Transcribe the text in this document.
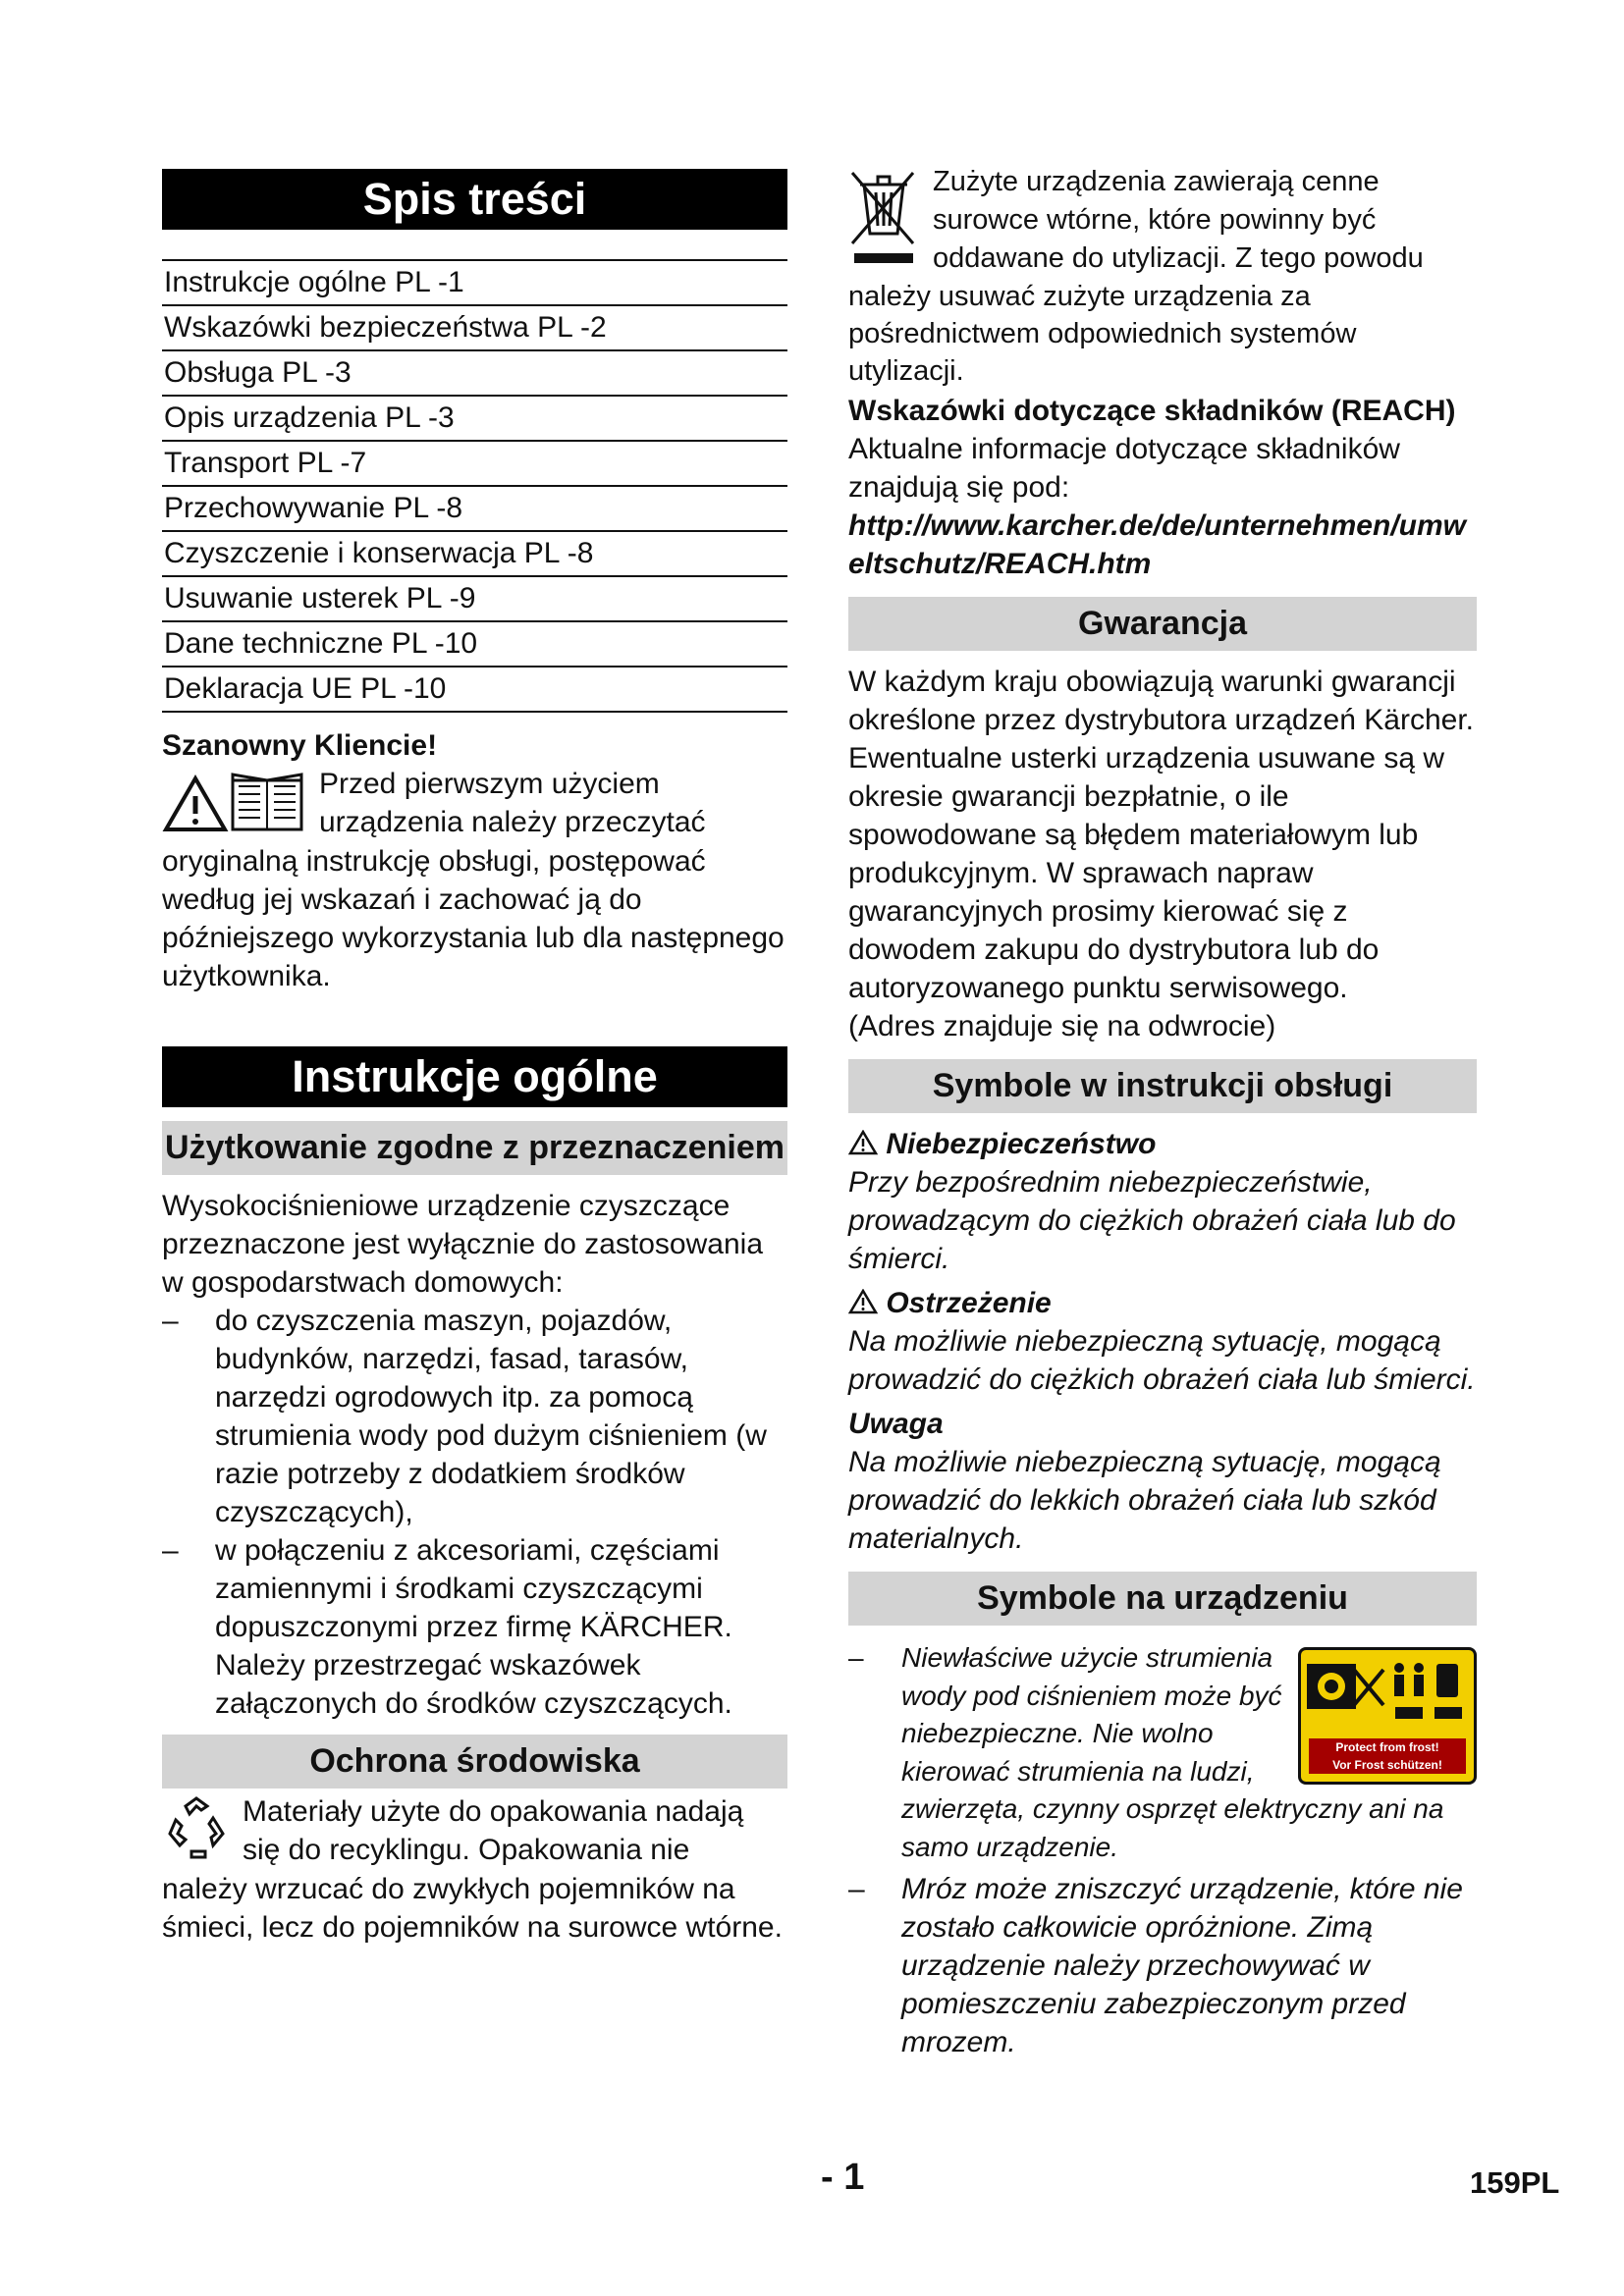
Spis treści
Instrukcje ogólne PL -1
Wskazówki bezpieczeństwa PL -2
Obsługa PL -3
Opis urządzenia PL -3
Transport PL -7
Przechowywanie PL -8
Czyszczenie i konserwacja PL -8
Usuwanie usterek PL -9
Dane techniczne PL -10
Deklaracja UE PL -10

Szanowny Kliencie!

Przed pierwszym użyciem

urządzenia należy przeczytać

oryginalną instrukcję obsługi, postępować według jej wskazań i zachować ją do późniejszego wykorzystania lub dla następnego użytkownika.

Instrukcje ogólne
Użytkowanie zgodne z przeznaczeniem

Wysokociśnieniowe urządzenie czyszczące przeznaczone jest wyłącznie do zastosowania w gospodarstwach domowych:

– do czyszczenia maszyn, pojazdów, budynków, narzędzi, fasad, tarasów, narzędzi ogrodowych itp. za pomocą strumienia wody pod dużym ciśnieniem (w razie potrzeby z dodatkiem środków czyszczących),
– w połączeniu z akcesoriami, częściami zamiennymi i środkami czyszczącymi dopuszczonymi przez firmę KÄRCHER. Należy przestrzegać wskazówek załączonych do środków czyszczących.
Ochrona środowiska

Materiały użyte do opakowania nadają

się do recyklingu. Opakowania nie

należy wrzucać do zwykłych pojemników na śmieci, lecz do pojemników na surowce wtórne.

Zużyte urządzenia zawierają cenne

surowce wtórne, które powinny być

oddawane do utylizacji. Z tego powodu

należy usuwać zużyte urządzenia za pośrednictwem odpowiednich systemów utylizacji.

Wskazówki dotyczące składników (REACH)

Aktualne informacje dotyczące składników znajdują się pod:

http://www.karcher.de/de/unternehmen/umweltschutz/REACH.htm

Gwarancja

W każdym kraju obowiązują warunki gwarancji określone przez dystrybutora urządzeń Kärcher. Ewentualne usterki urządzenia usuwane są w okresie gwarancji bezpłatnie, o ile spowodowane są błędem materiałowym lub produkcyjnym. W sprawach napraw gwarancyjnych prosimy kierować się z dowodem zakupu do dystrybutora lub do autoryzowanego punktu serwisowego.

(Adres znajduje się na odwrocie)

Symbole w instrukcji obsługi

Niebezpieczeństwo

Przy bezpośrednim niebezpieczeństwie, prowadzącym do ciężkich obrażeń ciała lub do śmierci.

Ostrzeżenie

Na możliwie niebezpieczną sytuację, mogącą prowadzić do ciężkich obrażeń ciała lub śmierci.

Uwaga

Na możliwie niebezpieczną sytuację, mogącą prowadzić do lekkich obrażeń ciała lub szkód materialnych.

Symbole na urządzeniu
Protect from frost!
Vor Frost schützen!
– Niewłaściwe użycie strumienia wody pod ciśnieniem może być niebezpieczne. Nie wolno kierować strumienia na ludzi, zwierzęta, czynny osprzęt elektryczny ani na samo urządzenie.
– Mróz może zniszczyć urządzenie, które nie zostało całkowicie opróżnione. Zimą urządzenie należy przechowywać w pomieszczeniu zabezpieczonym przed mrozem.
- 1	159PL
